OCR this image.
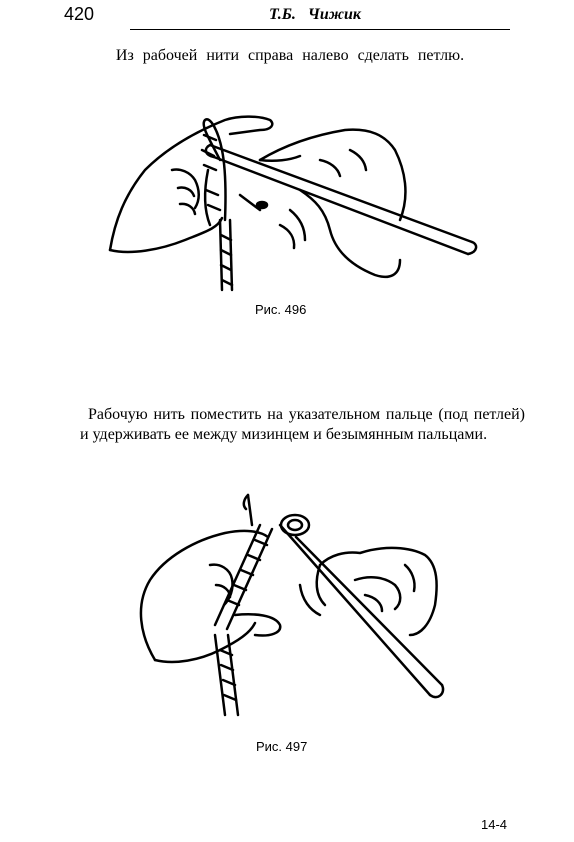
420	Т.Б. Чижик

Из рабочей нити справа налево сделать петлю.

Рис. 496

Рабочую нить поместить на указательном пальце (под петлей) и удерживать ее между мизинцем и безымянным пальцами.

Рис. 497
14-4
